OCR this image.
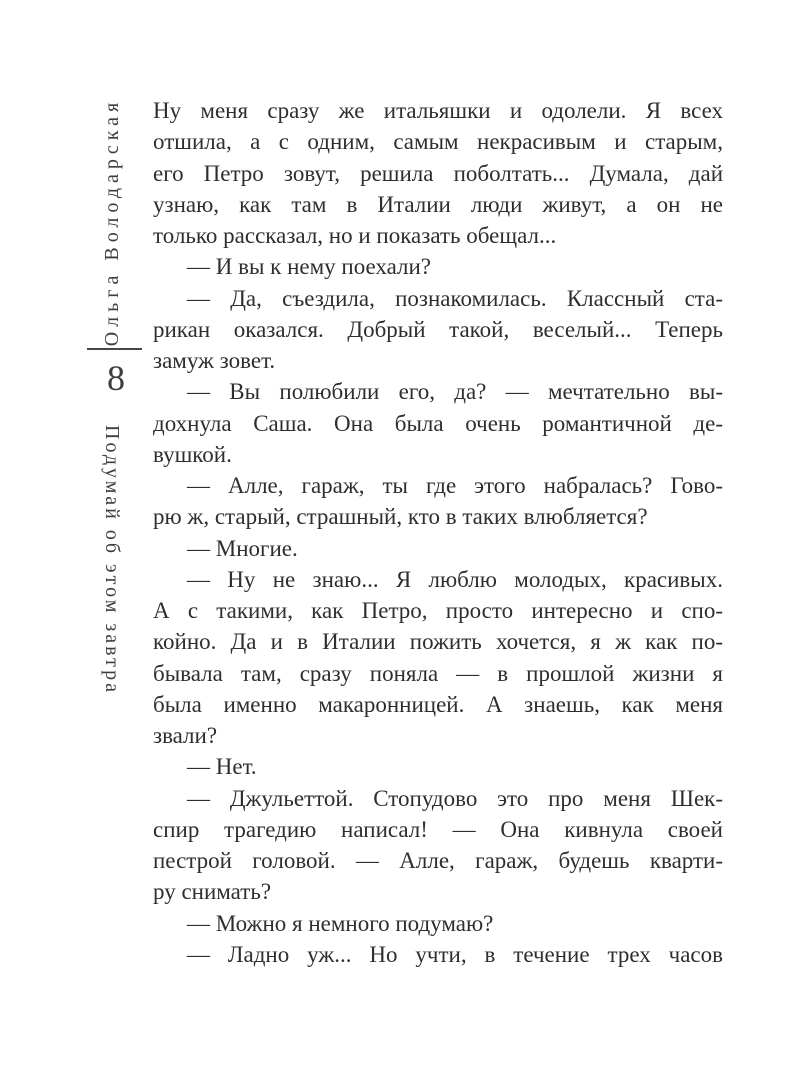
Ольга Володарская
8
Подумай об этом завтра
Ну меня сразу же итальяшки и одолели. Я всех
отшила, а с одним, самым некрасивым и старым,
его Петро зовут, решила поболтать... Думала, дай
узнаю, как там в Италии люди живут, а он не
только рассказал, но и показать обещал...
— И вы к нему поехали?
— Да, съездила, познакомилась. Классный ста-
рикан оказался. Добрый такой, веселый... Теперь
замуж зовет.
— Вы полюбили его, да? — мечтательно вы-
дохнула Саша. Она была очень романтичной де-
вушкой.
— Алле, гараж, ты где этого набралась? Гово-
рю ж, старый, страшный, кто в таких влюбляется?
— Многие.
— Ну не знаю... Я люблю молодых, красивых.
А с такими, как Петро, просто интересно и спо-
койно. Да и в Италии пожить хочется, я ж как по-
бывала там, сразу поняла — в прошлой жизни я
была именно макаронницей. А знаешь, как меня
звали?
— Нет.
— Джульеттой. Стопудово это про меня Шек-
спир трагедию написал! — Она кивнула своей
пестрой головой. — Алле, гараж, будешь кварти-
ру снимать?
— Можно я немного подумаю?
— Ладно уж... Но учти, в течение трех часов
